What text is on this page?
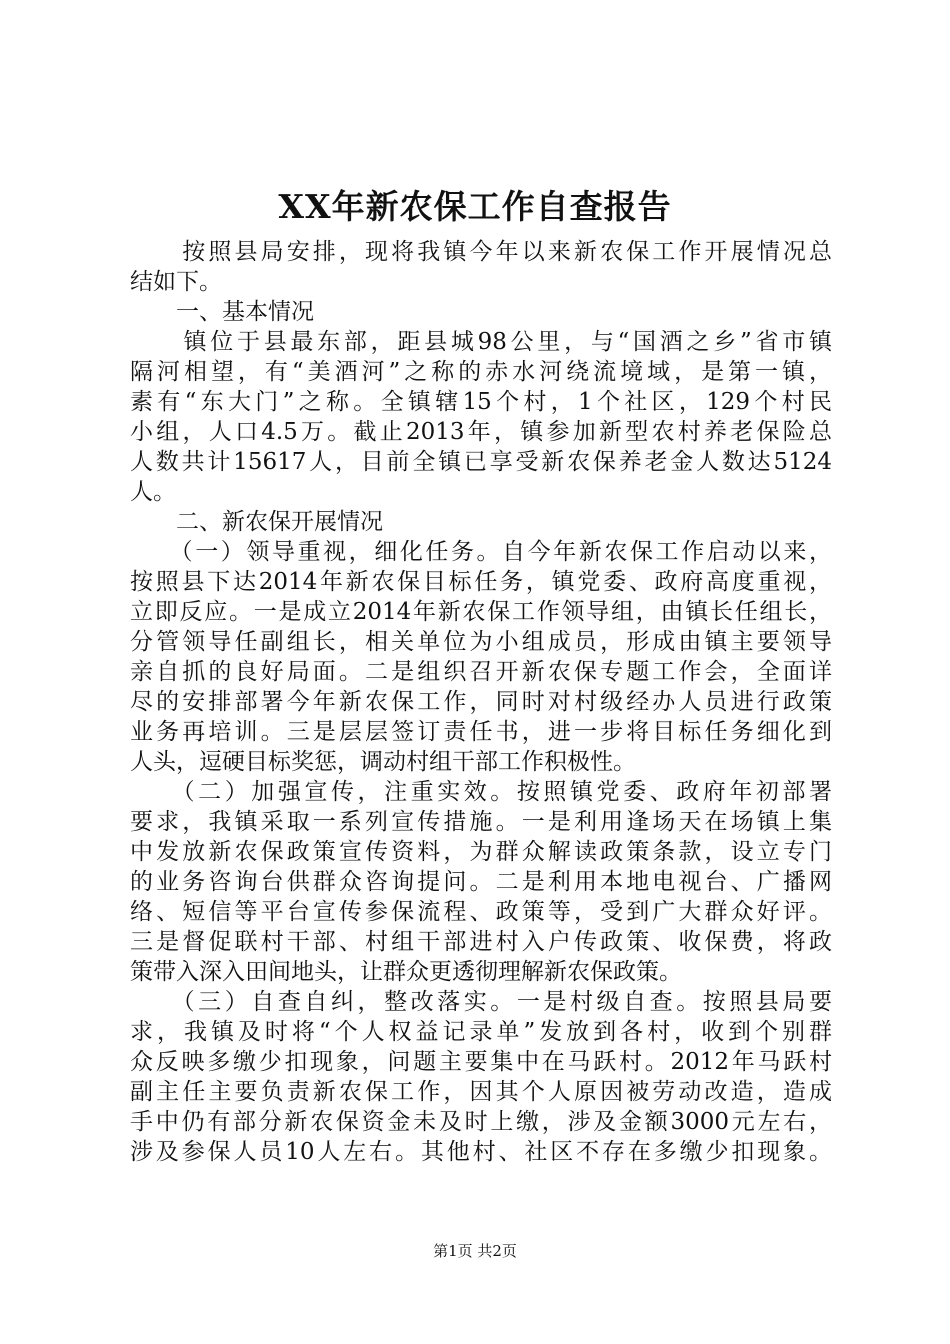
XX年新农保工作自查报告
　　按照县局安排，现将我镇今年以来新农保工作开展情况总
结如下。
　　一、基本情况
　　镇位于县最东部，距县城98公里，与“国酒之乡”省市镇
隔河相望，有“美酒河”之称的赤水河绕流境域，是第一镇，
素有“东大门”之称。全镇辖15个村，1个社区，129个村民
小组，人口4.5万。截止2013年，镇参加新型农村养老保险总
人数共计15617人，目前全镇已享受新农保养老金人数达5124
人。
　　二、新农保开展情况
　　（一）领导重视，细化任务。自今年新农保工作启动以来，
按照县下达2014年新农保目标任务，镇党委、政府高度重视，
立即反应。一是成立2014年新农保工作领导组，由镇长任组长，
分管领导任副组长，相关单位为小组成员，形成由镇主要领导
亲自抓的良好局面。二是组织召开新农保专题工作会，全面详
尽的安排部署今年新农保工作，同时对村级经办人员进行政策
业务再培训。三是层层签订责任书，进一步将目标任务细化到
人头，逗硬目标奖惩，调动村组干部工作积极性。
　　（二）加强宣传，注重实效。按照镇党委、政府年初部署
要求，我镇采取一系列宣传措施。一是利用逢场天在场镇上集
中发放新农保政策宣传资料，为群众解读政策条款，设立专门
的业务咨询台供群众咨询提问。二是利用本地电视台、广播网
络、短信等平台宣传参保流程、政策等，受到广大群众好评。
三是督促联村干部、村组干部进村入户传政策、收保费，将政
策带入深入田间地头，让群众更透彻理解新农保政策。
　　（三）自查自纠，整改落实。一是村级自查。按照县局要
求，我镇及时将“个人权益记录单”发放到各村，收到个别群
众反映多缴少扣现象，问题主要集中在马跃村。2012年马跃村
副主任主要负责新农保工作，因其个人原因被劳动改造，造成
手中仍有部分新农保资金未及时上缴，涉及金额3000元左右，
涉及参保人员10人左右。其他村、社区不存在多缴少扣现象。
第1页 共2页
